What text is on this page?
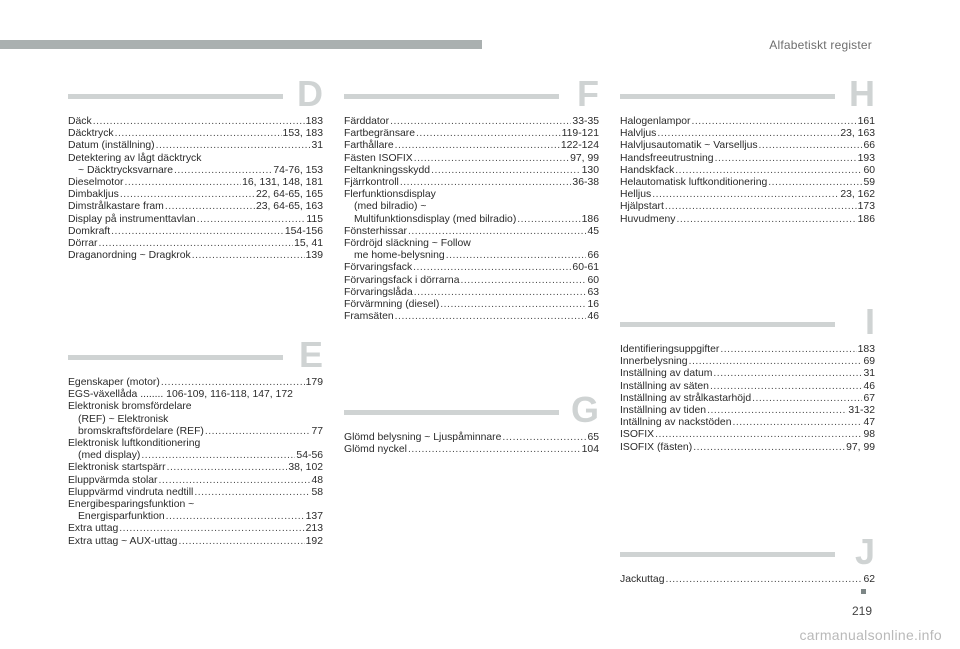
Alfabetiskt register
D
Däck .....	183
Däcktryck .....	153, 183
Datum (inställning) .....	31
Detektering av lågt däcktryck
~ Däcktrycksvarnare .....	74-76, 153
Dieselmotor .....	16, 131, 148, 181
Dimbakljus .....	22, 64-65, 165
Dimstrålkastare fram .....	23, 64-65, 163
Display på instrumenttavlan .....	115
Domkraft .....	154-156
Dörrar .....	15, 41
Draganordning ~ Dragkrok .....	139
E
Egenskaper (motor) .....	179
EGS-växellåda ........ 106-109, 116-118, 147, 172
Elektronisk bromsfördelare
(REF) ~ Elektronisk
bromskraftsfördelare (REF) .....	77
Elektronisk luftkonditionering
(med display) .....	54-56
Elektronisk startspärr .....	38, 102
Eluppvärmda stolar .....	48
Eluppvärmd vindruta nedtill .....	58
Energibesparingsfunktion ~
Energisparfunktion .....	137
Extra uttag .....	213
Extra uttag ~ AUX-uttag .....	192
F
Färddator .....	33-35
Fartbegränsare .....	119-121
Farthållare .....	122-124
Fästen ISOFIX .....	97, 99
Feltankningsskydd .....	130
Fjärrkontroll .....	36-38
Flerfunktionsdisplay
(med bilradio) ~
Multifunktionsdisplay (med bilradio) .....	186
Fönsterhissar .....	45
Fördröjd släckning ~ Follow
me home-belysning .....	66
Förvaringsfack .....	60-61
Förvaringsfack i dörrarna .....	60
Förvaringslåda .....	63
Förvärmning (diesel) .....	16
Framsäten .....	46
G
Glömd belysning ~ Ljuspåminnare .....	65
Glömd nyckel .....	104
H
Halogenlampor .....	161
Halvljus .....	23, 163
Halvljusautomatik ~ Varselljus .....	66
Handsfreeutrustning .....	193
Handskfack .....	60
Helautomatisk luftkonditionering .....	59
Helljus .....	23, 162
Hjälpstart .....	173
Huvudmeny .....	186
I
Identifieringsuppgifter .....	183
Innerbelysning .....	69
Inställning av datum .....	31
Inställning av säten .....	46
Inställning av strålkastarhöjd .....	67
Inställning av tiden .....	31-32
Intällning av nackstöden .....	47
ISOFIX .....	98
ISOFIX (fästen) .....	97, 99
J
Jackuttag .....	62
219
carmanualsonline.info
